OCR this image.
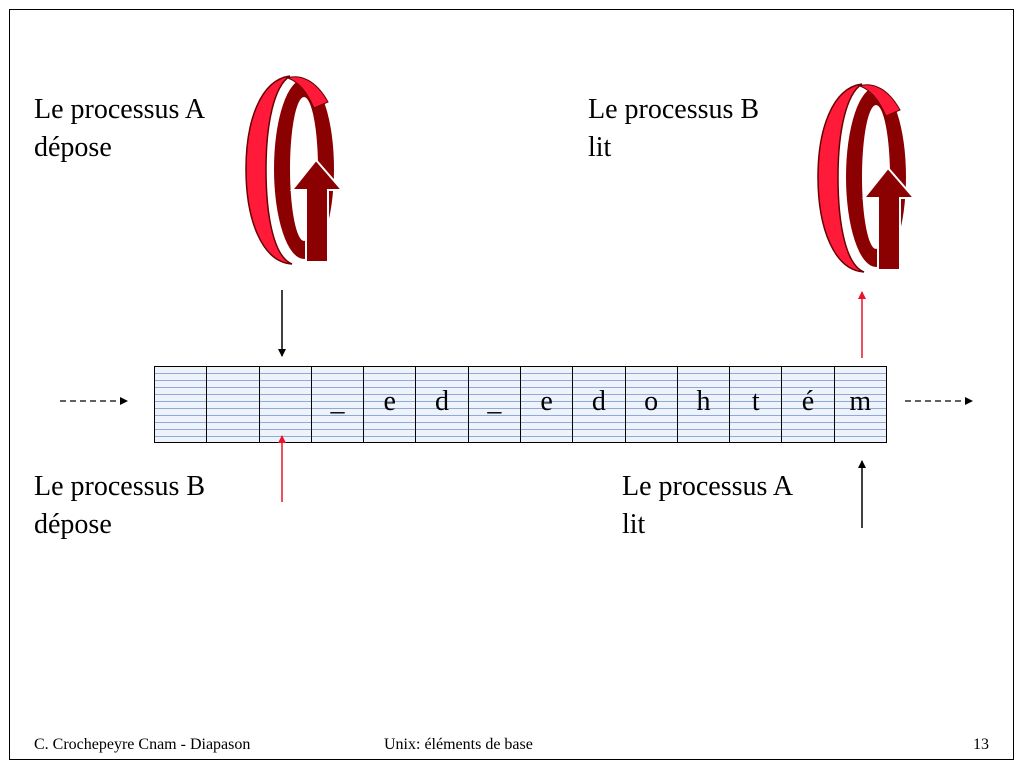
Le processus A
dépose
Le processus B
lit
Le processus B
dépose
Le processus A
lit
_ e d _ e d o h t é m
C. Crochepeyre Cnam - Diapason	Unix: éléments de base	13
